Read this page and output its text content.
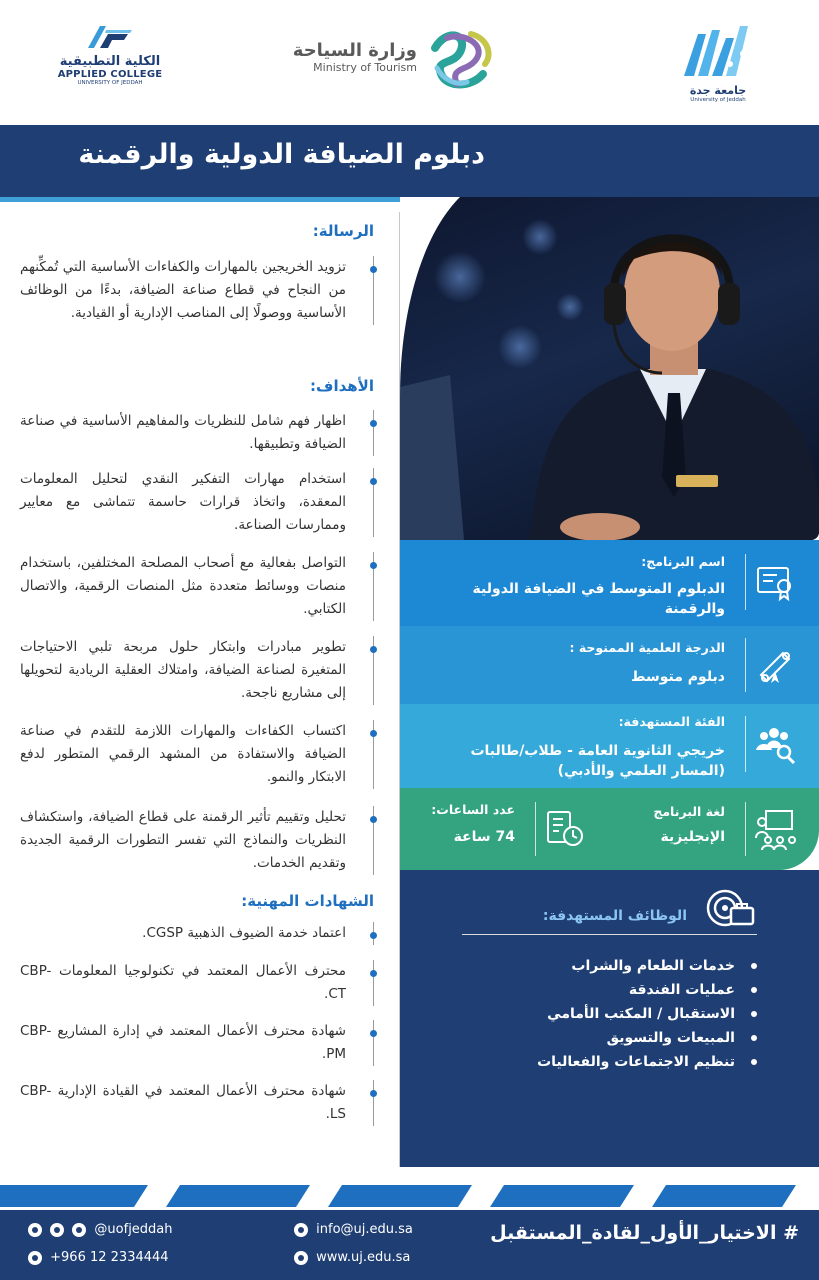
الكلية التطبيقية
APPLIED COLLEGE
UNIVERSITY OF JEDDAH
وزارة السياحة
Ministry of Tourism
جامعة جدة
University of Jeddah
دبلوم الضيافة الدولية والرقمنة
الرسالة:
تزويد الخريجين بالمهارات والكفاءات الأساسية التي تُمكِّنهم من النجاح في قطاع صناعة الضيافة، بدءًا من الوظائف الأساسية ووصولًا إلى المناصب الإدارية أو القيادية.
الأهداف:
اظهار فهم شامل للنظريات والمفاهيم الأساسية في صناعة الضيافة وتطبيقها.
استخدام مهارات التفكير النقدي لتحليل المعلومات المعقدة، واتخاذ قرارات حاسمة تتماشى مع معايير وممارسات الصناعة.
التواصل بفعالية مع أصحاب المصلحة المختلفين، باستخدام منصات ووسائط متعددة مثل المنصات الرقمية، والاتصال الكتابي.
تطوير مبادرات وابتكار حلول مربحة تلبي الاحتياجات المتغيرة لصناعة الضيافة، وامتلاك العقلية الريادية لتحويلها إلى مشاريع ناجحة.
اكتساب الكفاءات والمهارات اللازمة للتقدم في صناعة الضيافة والاستفادة من المشهد الرقمي المتطور لدفع الابتكار والنمو.
تحليل وتقييم تأثير الرقمنة على قطاع الضيافة، واستكشاف النظريات والنماذج التي تفسر التطورات الرقمية الجديدة وتقديم الخدمات.
الشهادات المهنية:
اعتماد خدمة الضيوف الذهبية CGSP.
محترف الأعمال المعتمد في تكنولوجيا المعلومات CBP-CT.
شهادة محترف الأعمال المعتمد في إدارة المشاريع CBP-PM.
شهادة محترف الأعمال المعتمد في القيادة الإدارية CBP-LS.
اسم البرنامج:
الدبلوم المتوسط في الضيافة الدولية
والرقمنة
الدرجة العلمية الممنوحة :
دبلوم متوسط
الفئة المستهدفة:
خريجي الثانوية العامة - طلاب/طالبات
(المسار العلمي والأدبي)
لغة البرنامج
الإنجليزية
عدد الساعات:
74 ساعة
الوظائف المستهدفة:
خدمات الطعام والشراب
عمليات الفندقة
الاستقبال / المكتب الأمامي
المبيعات والتسويق
تنظيم الاجتماعات والفعاليات
# الاختيار_الأول_لقادة_المستقبل
@uofjeddah
+966 12 2334444
info@uj.edu.sa
www.uj.edu.sa
